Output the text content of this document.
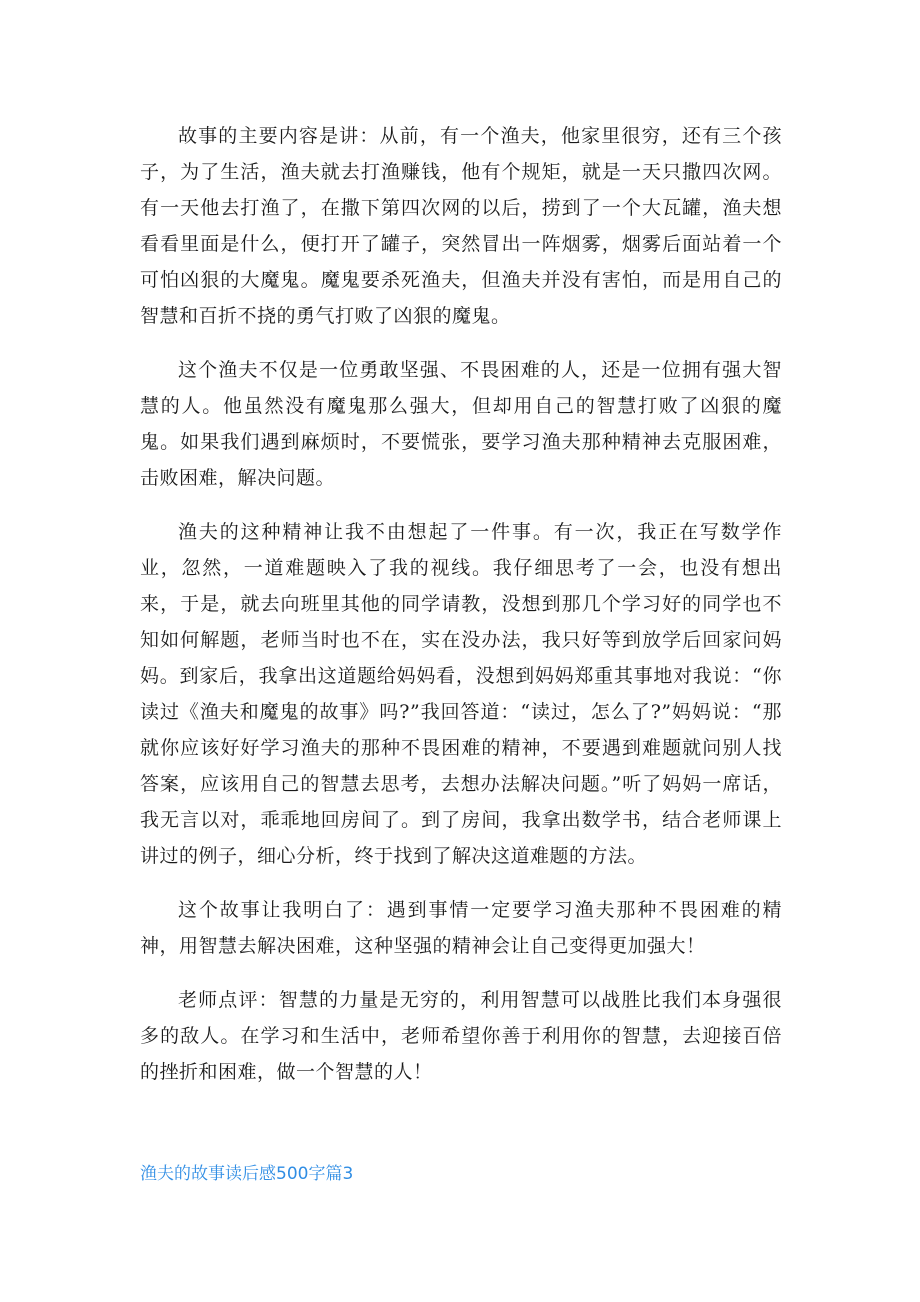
故事的主要内容是讲：从前，有一个渔夫，他家里很穷，还有三个孩子，为了生活，渔夫就去打渔赚钱，他有个规矩，就是一天只撒四次网。有一天他去打渔了，在撒下第四次网的以后，捞到了一个大瓦罐，渔夫想看看里面是什么，便打开了罐子，突然冒出一阵烟雾，烟雾后面站着一个可怕凶狠的大魔鬼。魔鬼要杀死渔夫，但渔夫并没有害怕，而是用自己的智慧和百折不挠的勇气打败了凶狠的魔鬼。

这个渔夫不仅是一位勇敢坚强、不畏困难的人，还是一位拥有强大智慧的人。他虽然没有魔鬼那么强大，但却用自己的智慧打败了凶狠的魔鬼。如果我们遇到麻烦时，不要慌张，要学习渔夫那种精神去克服困难，击败困难，解决问题。

渔夫的这种精神让我不由想起了一件事。有一次，我正在写数学作业，忽然，一道难题映入了我的视线。我仔细思考了一会，也没有想出来，于是，就去向班里其他的同学请教，没想到那几个学习好的同学也不知如何解题，老师当时也不在，实在没办法，我只好等到放学后回家问妈妈。到家后，我拿出这道题给妈妈看，没想到妈妈郑重其事地对我说：“你读过《渔夫和魔鬼的故事》吗?”我回答道：“读过，怎么了?”妈妈说：“那就你应该好好学习渔夫的那种不畏困难的精神，不要遇到难题就问别人找答案，应该用自己的智慧去思考，去想办法解决问题。”听了妈妈一席话，我无言以对，乖乖地回房间了。到了房间，我拿出数学书，结合老师课上讲过的例子，细心分析，终于找到了解决这道难题的方法。

这个故事让我明白了：遇到事情一定要学习渔夫那种不畏困难的精神，用智慧去解决困难，这种坚强的精神会让自己变得更加强大！

老师点评：智慧的力量是无穷的，利用智慧可以战胜比我们本身强很多的敌人。在学习和生活中，老师希望你善于利用你的智慧，去迎接百倍的挫折和困难，做一个智慧的人！

渔夫的故事读后感500字篇3
